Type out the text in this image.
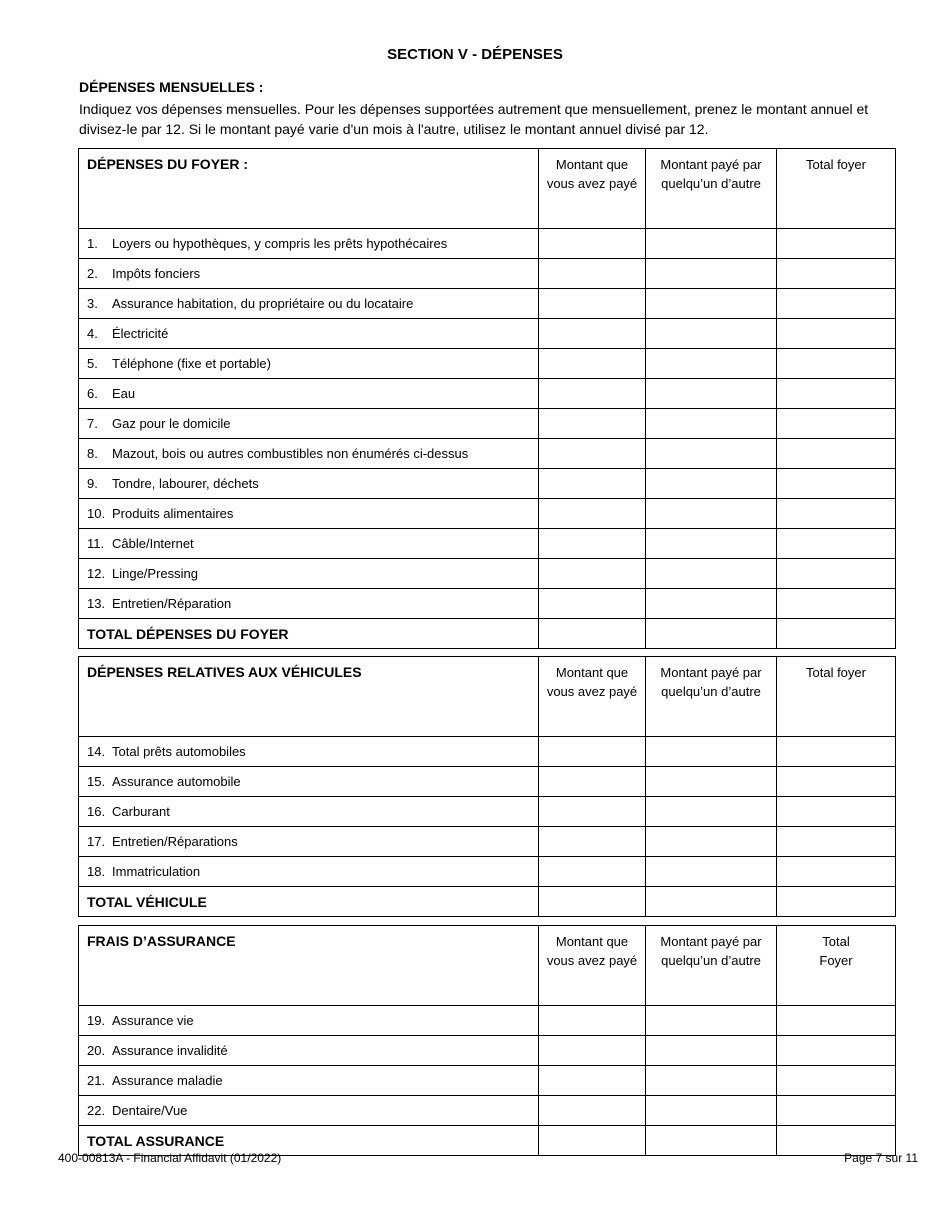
SECTION V - DÉPENSES
DÉPENSES MENSUELLES :
Indiquez vos dépenses mensuelles. Pour les dépenses supportées autrement que mensuellement, prenez le montant annuel et divisez-le par 12. Si le montant payé varie d'un mois à l'autre, utilisez le montant annuel divisé par 12.
DÉPENSES DU FOYER :	Montant que vous avez payé	Montant payé par quelqu’un d’autre	Total foyer
1. Loyers ou hypothèques, y compris les prêts hypothécaires			
2. Impôts fonciers			
3. Assurance habitation, du propriétaire ou du locataire			
4. Électricité			
5. Téléphone (fixe et portable)			
6. Eau			
7. Gaz pour le domicile			
8. Mazout, bois ou autres combustibles non énumérés ci-dessus			
9. Tondre, labourer, déchets			
10. Produits alimentaires			
11. Câble/Internet			
12. Linge/Pressing			
13. Entretien/Réparation			
TOTAL DÉPENSES DU FOYER			
DÉPENSES RELATIVES AUX VÉHICULES	Montant que vous avez payé	Montant payé par quelqu’un d’autre	Total foyer
14. Total prêts automobiles			
15. Assurance automobile			
16. Carburant			
17. Entretien/Réparations			
18. Immatriculation			
TOTAL VÉHICULE			
FRAIS D’ASSURANCE	Montant que vous avez payé	Montant payé par quelqu’un d’autre	Total
Foyer
19. Assurance vie			
20. Assurance invalidité			
21. Assurance maladie			
22. Dentaire/Vue			
TOTAL ASSURANCE			
400-00813A - Financial Affidavit (01/2022)	Page 7 sur 11
